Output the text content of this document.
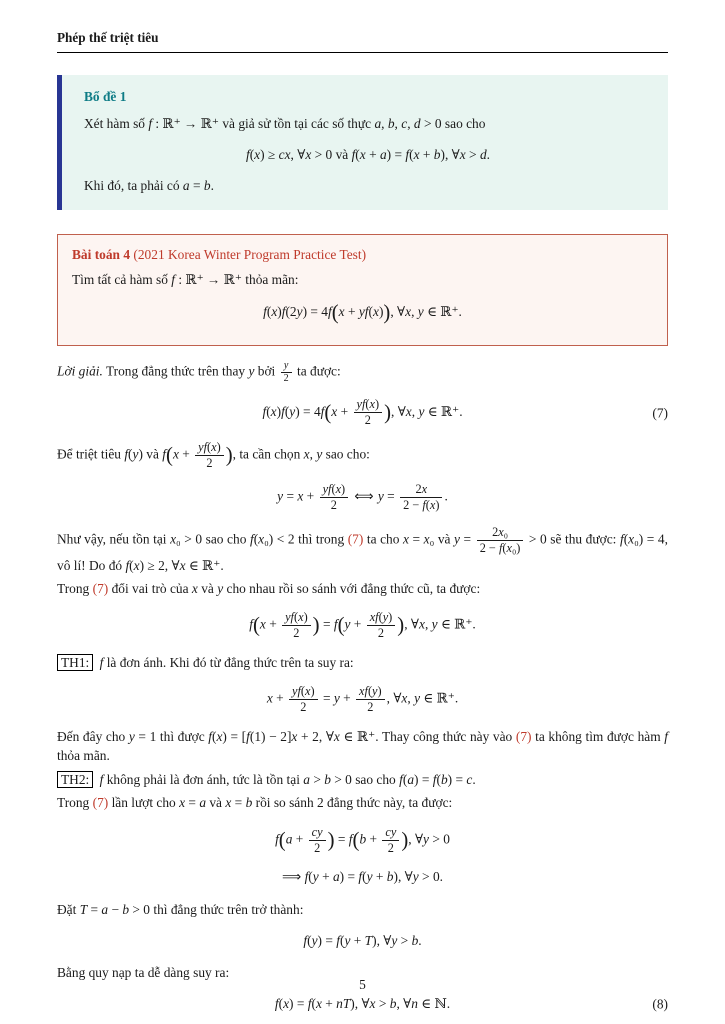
Phép thế triệt tiêu
Bổ đề 1
Xét hàm số f : ℝ⁺ → ℝ⁺ và giả sử tồn tại các số thực a, b, c, d > 0 sao cho
f(x) ≥ cx, ∀x > 0 và f(x + a) = f(x + b), ∀x > d.
Khi đó, ta phải có a = b.
Bài toán 4 (2021 Korea Winter Program Practice Test)
Tìm tất cả hàm số f : ℝ⁺ → ℝ⁺ thỏa mãn:
f(x)f(2y) = 4f(x + yf(x)), ∀x, y ∈ ℝ⁺.
Lời giải. Trong đẳng thức trên thay y bởi $\frac{y}{2}$ ta được:
$f(x)f(y) = 4f(x + \frac{yf(x)}{2}$ ), ∀x, y ∈ ℝ⁺.	(7)
Để triệt tiêu f(y) và $f(x + \frac{yf(x)}{2}$ ), ta cần chọn x, y sao cho:
$y = x + \frac{yf(x)}{2}$ ⟺ $y = \frac{2x}{2 - f(x)}$ .
Như vậy, nếu tồn tại x₀ > 0 sao cho f(x₀) < 2 thì trong (7) ta cho x = x₀ và $y = \frac{\text{2x₀}}{\text{2 − f(x₀)}} > 0$ sẽ thu được: f(x₀) = 4, vô lí! Do đó f(x) ≥ 2, ∀x ∈ ℝ⁺.
Trong (7) đổi vai trò của x và y cho nhau rồi so sánh với đẳng thức cũ, ta được:
$f(x + \frac{yf(x)}{2}$ ) = $f(y + \frac{xf(y)}{2}$ ), ∀x, y ∈ ℝ⁺.
TH1: f là đơn ánh. Khi đó từ đẳng thức trên ta suy ra:
$x + \frac{yf(x)}{2} = y + \frac{xf(y)}{2}$ , ∀x, y ∈ ℝ⁺.
Đến đây cho y = 1 thì được f(x) = [f(1) − 2]x + 2, ∀x ∈ ℝ⁺. Thay công thức này vào (7) ta không tìm được hàm f thỏa mãn.
TH2: f không phải là đơn ánh, tức là tồn tại a > b > 0 sao cho f(a) = f(b) = c.
Trong (7) lần lượt cho x = a và x = b rồi so sánh 2 đẳng thức này, ta được:
$f(a + \frac{cy}{2}$ ) = $f(b + \frac{cy}{2}$ ), ∀y > 0
⟹ f(y + a) = f(y + b), ∀y > 0.
Đặt T = a − b > 0 thì đẳng thức trên trở thành:
f(y) = f(y + T), ∀y > b.
Bằng quy nạp ta dễ dàng suy ra:
f(x) = f(x + nT), ∀x > b, ∀n ∈ ℕ.	(8)
5
